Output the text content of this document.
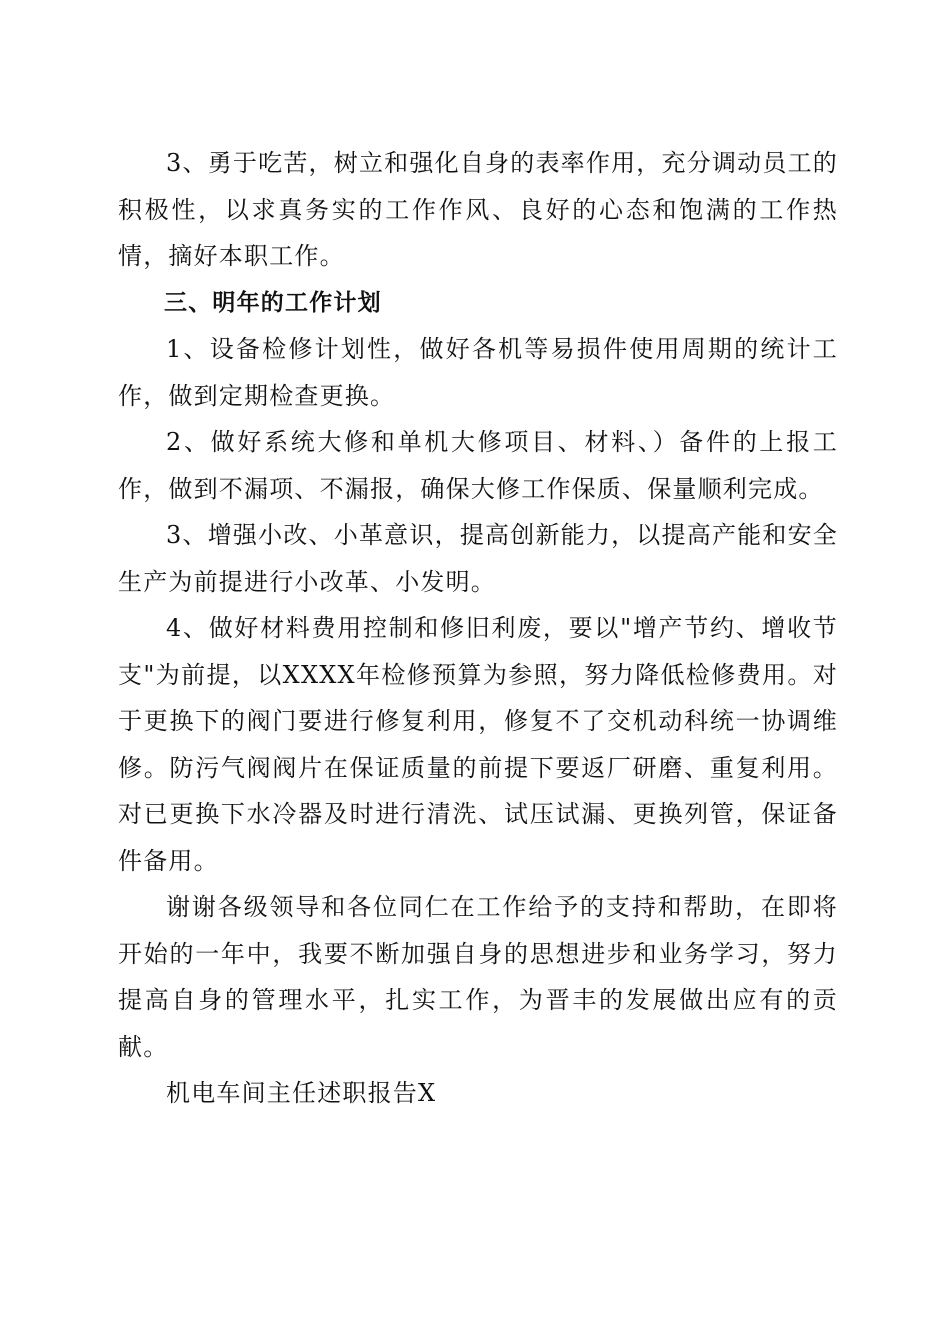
3、勇于吃苦，树立和强化自身的表率作用，充分调动员工的积极性，以求真务实的工作作风、良好的心态和饱满的工作热情，摘好本职工作。

三、明年的工作计划

1、设备检修计划性，做好各机等易损件使用周期的统计工作，做到定期检查更换。

2、做好系统大修和单机大修项目、材料、）备件的上报工作，做到不漏项、不漏报，确保大修工作保质、保量顺利完成。

3、增强小改、小革意识，提高创新能力，以提高产能和安全生产为前提进行小改革、小发明。

4、做好材料费用控制和修旧利废，要以"增产节约、增收节支"为前提，以XXXX年检修预算为参照，努力降低检修费用。对于更换下的阀门要进行修复利用，修复不了交机动科统一协调维修。防污气阀阀片在保证质量的前提下要返厂研磨、重复利用。对已更换下水冷器及时进行清洗、试压试漏、更换列管，保证备件备用。

谢谢各级领导和各位同仁在工作给予的支持和帮助，在即将开始的一年中，我要不断加强自身的思想进步和业务学习，努力提高自身的管理水平，扎实工作，为晋丰的发展做出应有的贡献。

机电车间主任述职报告X
